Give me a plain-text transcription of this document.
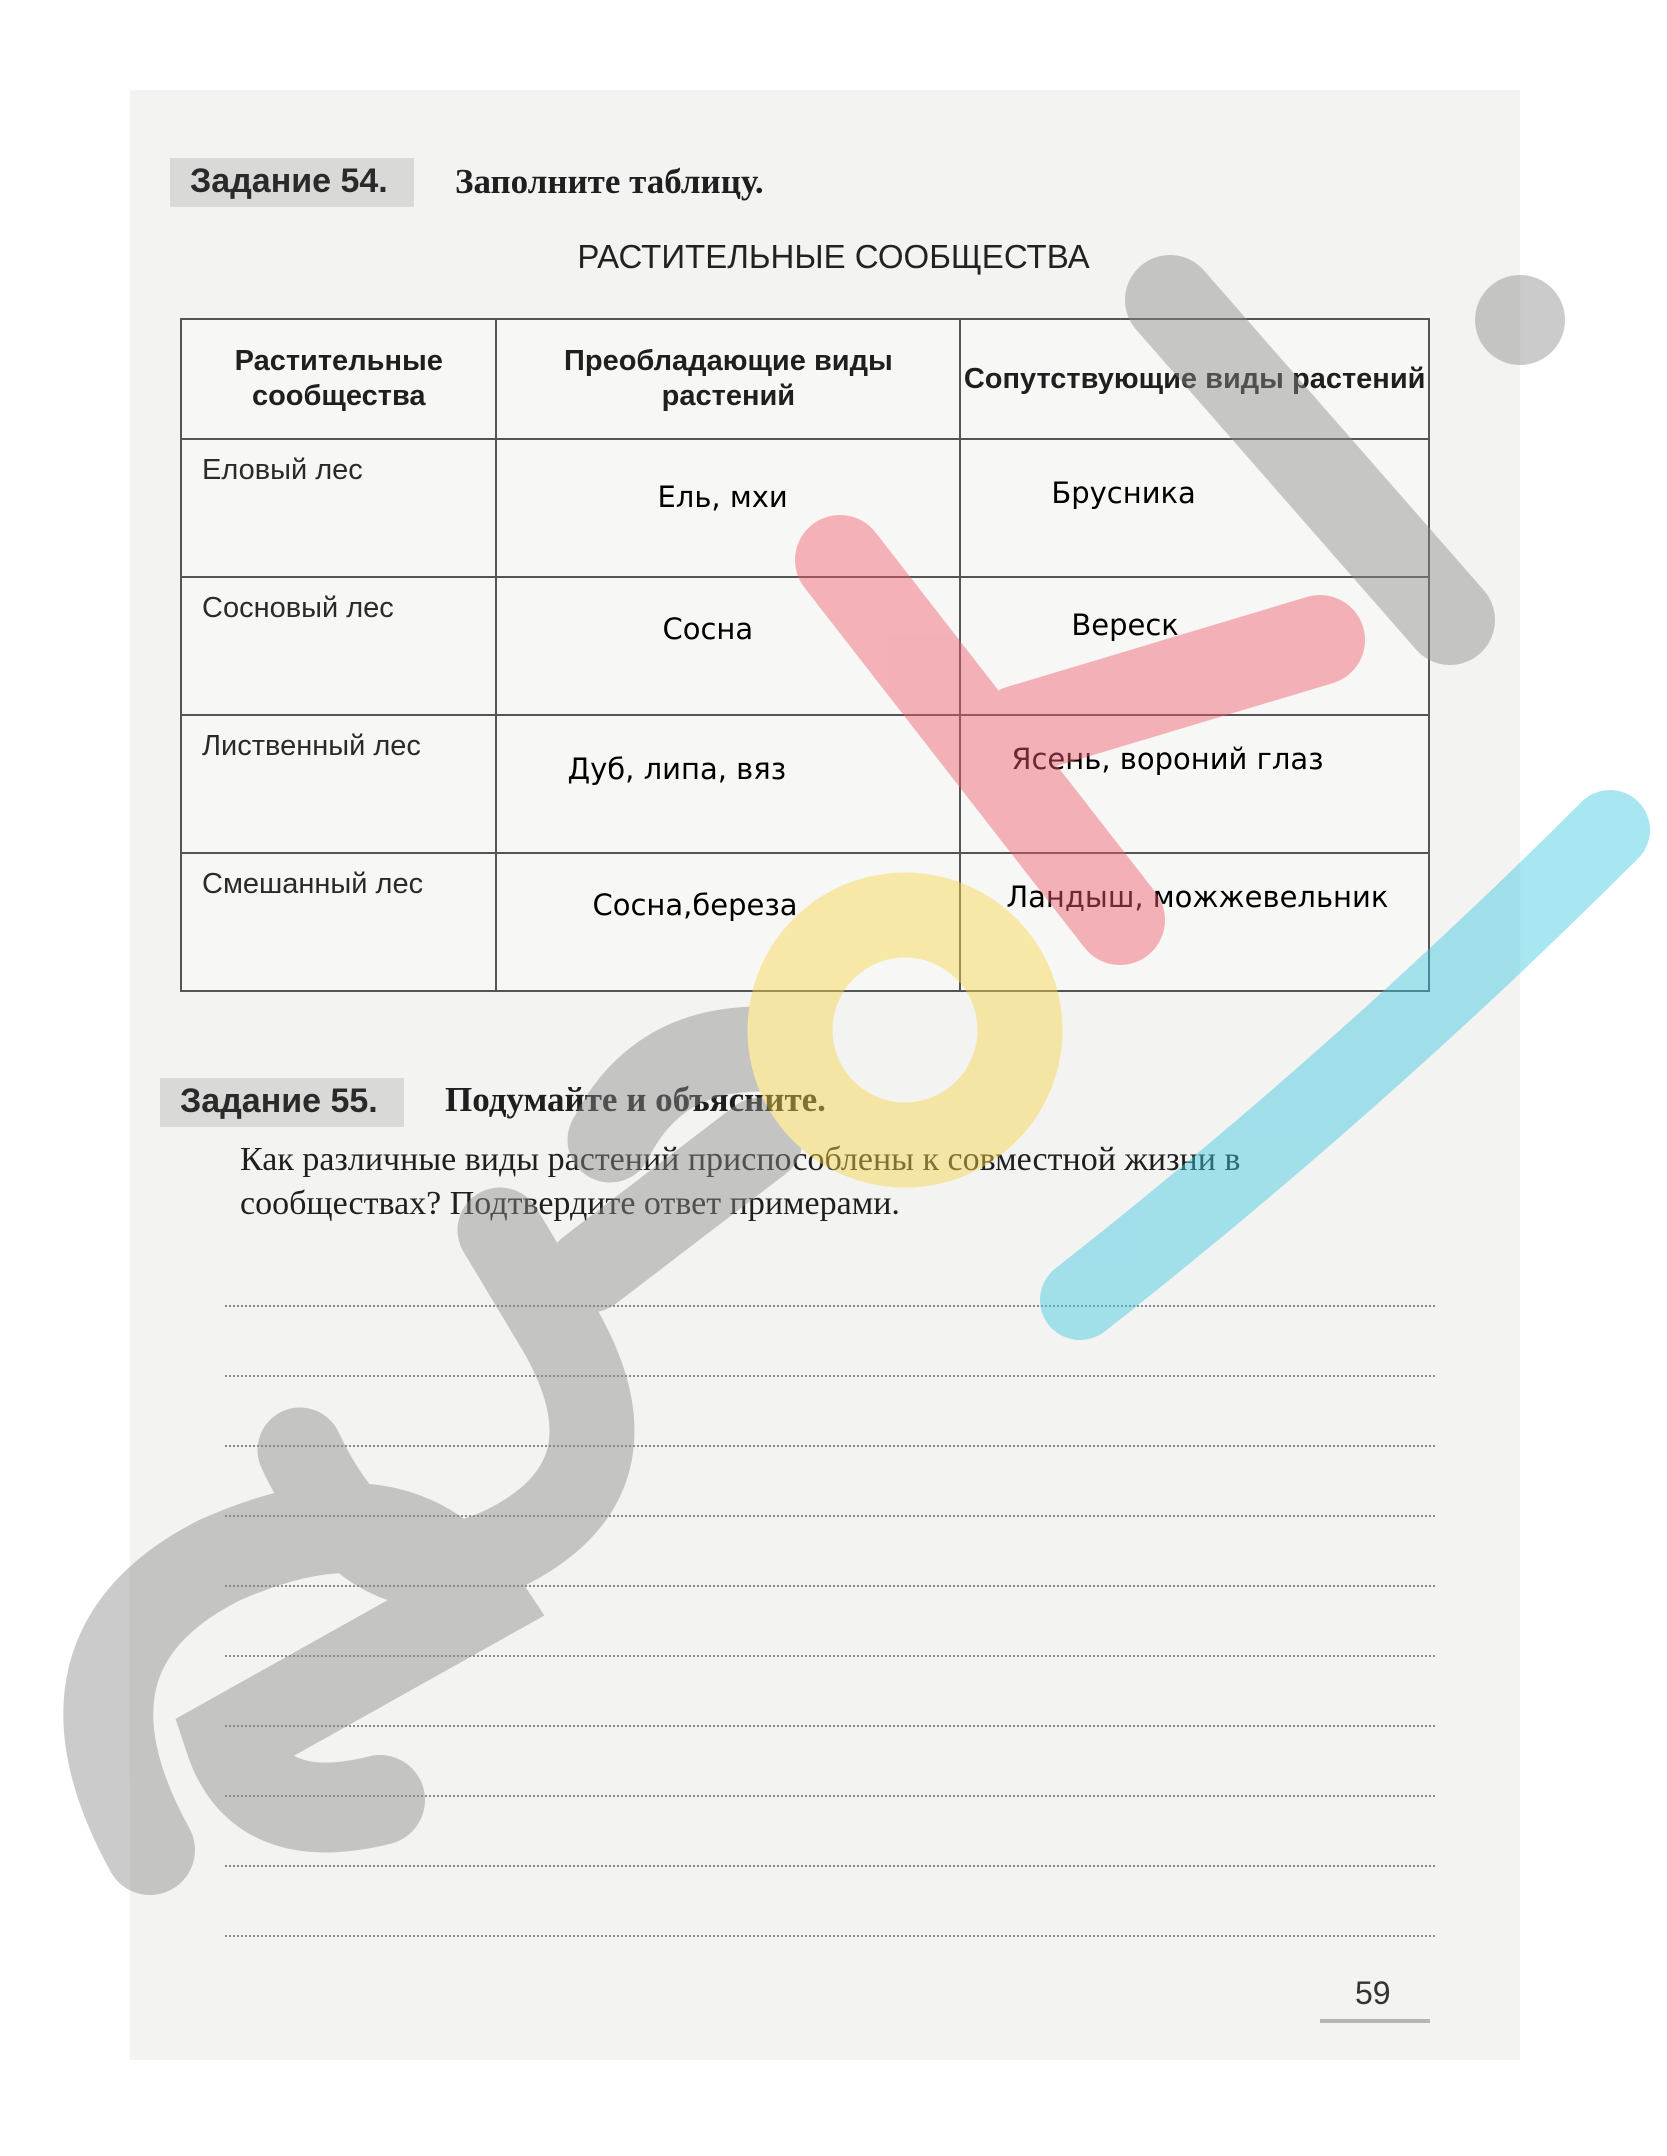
Задание 54.	Заполните таблицу.
РАСТИТЕЛЬНЫЕ СООБЩЕСТВА
Растительные сообщества	Преобладающие виды растений	Сопутствующие виды растений

Еловый лес	Ель, мхи	Брусника

Сосновый лес	Сосна	Вереск

Лиственный лес	Дуб, липа, вяз	Ясень, вороний глаз

Смешанный лес	Сосна,береза	Ландыш, можжевельник
Задание 55.	Подумайте и объясните.
Как различные виды растений приспособлены к совместной жизни в сообществах? Подтвердите ответ примерами.
59
